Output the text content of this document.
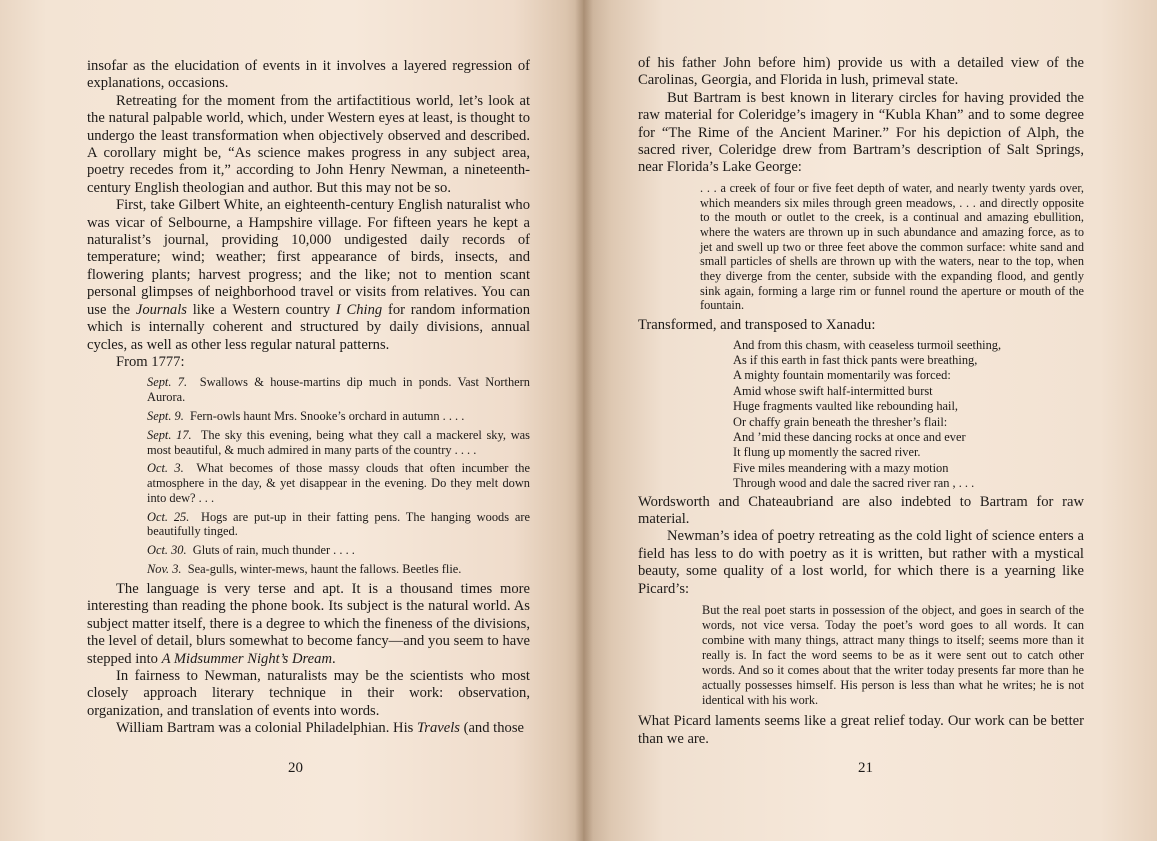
insofar as the elucidation of events in it involves a layered regression of explanations, occasions.

Retreating for the moment from the artifactitious world, let’s look at the natural palpable world, which, under Western eyes at least, is thought to undergo the least transformation when objectively observed and described. A corollary might be, “As science makes progress in any subject area, poetry recedes from it,” according to John Henry Newman, a nineteenth-century English theologian and author. But this may not be so.

First, take Gilbert White, an eighteenth-century English naturalist who was vicar of Selbourne, a Hampshire village. For fifteen years he kept a naturalist’s journal, providing 10,000 undigested daily records of temperature; wind; weather; first appearance of birds, insects, and flowering plants; harvest progress; and the like; not to mention scant personal glimpses of neighborhood travel or visits from relatives. You can use the Journals like a Western country I Ching for random information which is internally coherent and structured by daily divisions, annual cycles, as well as other less regular natural patterns.

From 1777:

Sept. 7. Swallows & house-martins dip much in ponds. Vast Northern Aurora.
Sept. 9. Fern-owls haunt Mrs. Snooke’s orchard in autumn . . . .
Sept. 17. The sky this evening, being what they call a mackerel sky, was most beautiful, & much admired in many parts of the country . . . .
Oct. 3. What becomes of those massy clouds that often incumber the atmosphere in the day, & yet disappear in the evening. Do they melt down into dew? . . .
Oct. 25. Hogs are put-up in their fatting pens. The hanging woods are beautifully tinged.
Oct. 30. Gluts of rain, much thunder . . . .
Nov. 3. Sea-gulls, winter-mews, haunt the fallows. Beetles flie.

The language is very terse and apt. It is a thousand times more interesting than reading the phone book. Its subject is the natural world. As subject matter itself, there is a degree to which the fineness of the divisions, the level of detail, blurs somewhat to become fancy—and you seem to have stepped into A Midsummer Night’s Dream.

In fairness to Newman, naturalists may be the scientists who most closely approach literary technique in their work: observation, organization, and translation of events into words.

William Bartram was a colonial Philadelphian. His Travels (and those

20

of his father John before him) provide us with a detailed view of the Carolinas, Georgia, and Florida in lush, primeval state.

But Bartram is best known in literary circles for having provided the raw material for Coleridge’s imagery in “Kubla Khan” and to some degree for “The Rime of the Ancient Mariner.” For his depiction of Alph, the sacred river, Coleridge drew from Bartram’s description of Salt Springs, near Florida’s Lake George:

. . . a creek of four or five feet depth of water, and nearly twenty yards over, which meanders six miles through green meadows, . . . and directly opposite to the mouth or outlet to the creek, is a continual and amazing ebullition, where the waters are thrown up in such abundance and amazing force, as to jet and swell up two or three feet above the common surface: white sand and small particles of shells are thrown up with the waters, near to the top, when they diverge from the center, subside with the expanding flood, and gently sink again, forming a large rim or funnel round the aperture or mouth of the fountain.

Transformed, and transposed to Xanadu:

And from this chasm, with ceaseless turmoil seething,
As if this earth in fast thick pants were breathing,
A mighty fountain momentarily was forced:
Amid whose swift half-intermitted burst
Huge fragments vaulted like rebounding hail,
Or chaffy grain beneath the thresher’s flail:
And ’mid these dancing rocks at once and ever
It flung up momently the sacred river.
Five miles meandering with a mazy motion
Through wood and dale the sacred river ran , . . .

Wordsworth and Chateaubriand are also indebted to Bartram for raw material.

Newman’s idea of poetry retreating as the cold light of science enters a field has less to do with poetry as it is written, but rather with a mystical beauty, some quality of a lost world, for which there is a yearning like Picard’s:

But the real poet starts in possession of the object, and goes in search of the words, not vice versa. Today the poet’s word goes to all words. It can combine with many things, attract many things to itself; seems more than it really is. In fact the word seems to be as it were sent out to catch other words. And so it comes about that the writer today presents far more than he actually possesses himself. His person is less than what he writes; he is not identical with his work.

What Picard laments seems like a great relief today. Our work can be better than we are.

21
